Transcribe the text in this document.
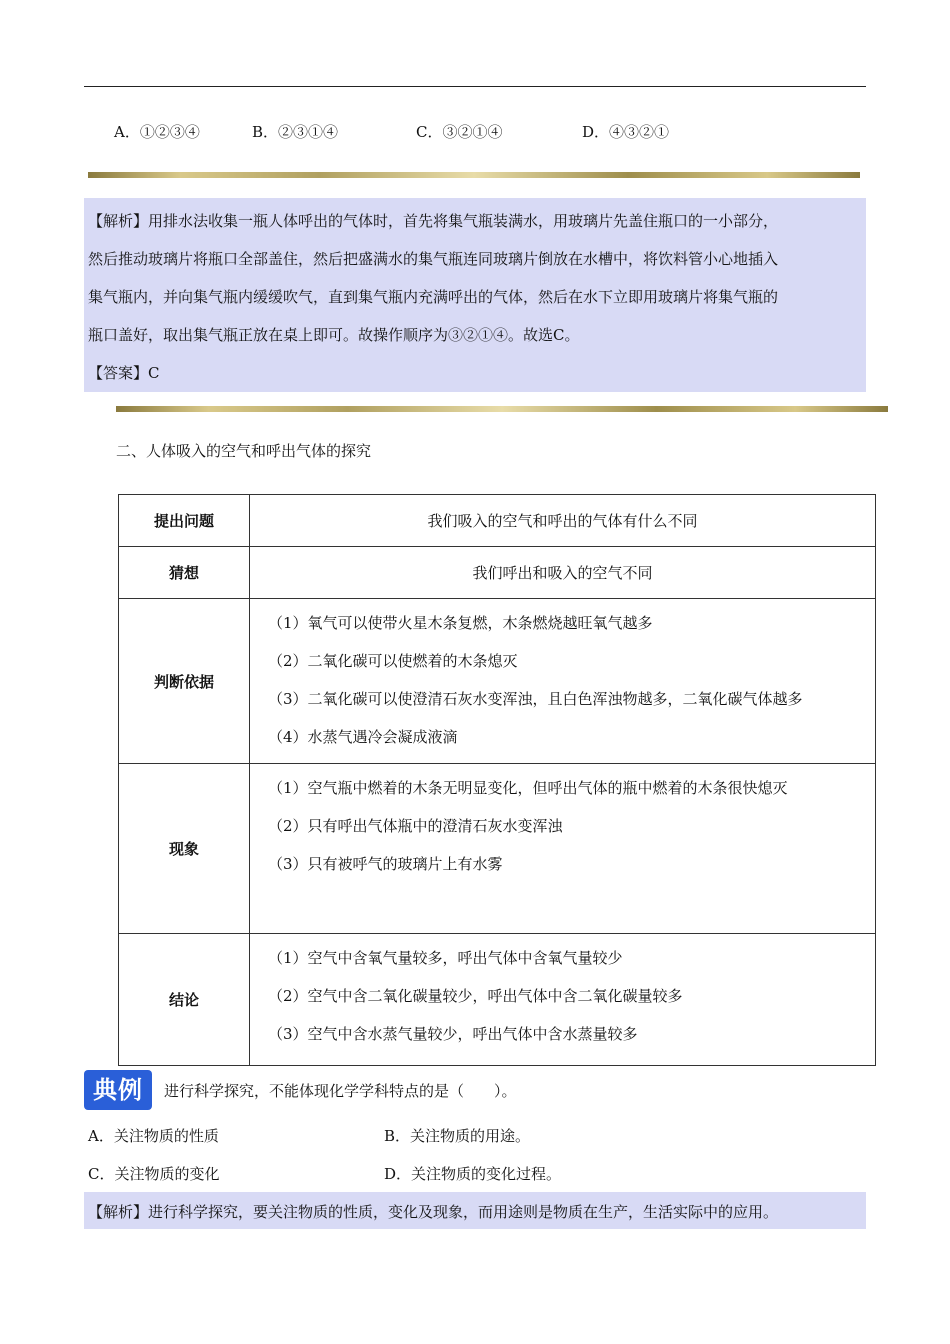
A．①②③④	B．②③①④	C．③②①④	D．④③②①
【解析】用排水法收集一瓶人体呼出的气体时，首先将集气瓶装满水，用玻璃片先盖住瓶口的一小部分，
然后推动玻璃片将瓶口全部盖住，然后把盛满水的集气瓶连同玻璃片倒放在水槽中，将饮料管小心地插入
集气瓶内，并向集气瓶内缓缓吹气，直到集气瓶内充满呼出的气体，然后在水下立即用玻璃片将集气瓶的
瓶口盖好，取出集气瓶正放在桌上即可。故操作顺序为③②①④。故选C。
【答案】C
二、人体吸入的空气和呼出气体的探究
提出问题	我们吸入的空气和呼出的气体有什么不同
猜想	我们呼出和吸入的空气不同
判断依据	（1）氧气可以使带火星木条复燃，木条燃烧越旺氧气越多
（2）二氧化碳可以使燃着的木条熄灭
（3）二氧化碳可以使澄清石灰水变浑浊，且白色浑浊物越多，二氧化碳气体越多
（4）水蒸气遇冷会凝成液滴

现象	（1）空气瓶中燃着的木条无明显变化，但呼出气体的瓶中燃着的木条很快熄灭
（2）只有呼出气体瓶中的澄清石灰水变浑浊
（3）只有被呼气的玻璃片上有水雾

结论	（1）空气中含氧气量较多，呼出气体中含氧气量较少
（2）空气中含二氧化碳量较少，呼出气体中含二氧化碳量较多
（3）空气中含水蒸气量较少，呼出气体中含水蒸量较多
典例	进行科学探究，不能体现化学学科特点的是（　　）。
A．关注物质的性质	B．关注物质的用途。
C．关注物质的变化	D．关注物质的变化过程。
【解析】进行科学探究，要关注物质的性质，变化及现象，而用途则是物质在生产，生活实际中的应用。
